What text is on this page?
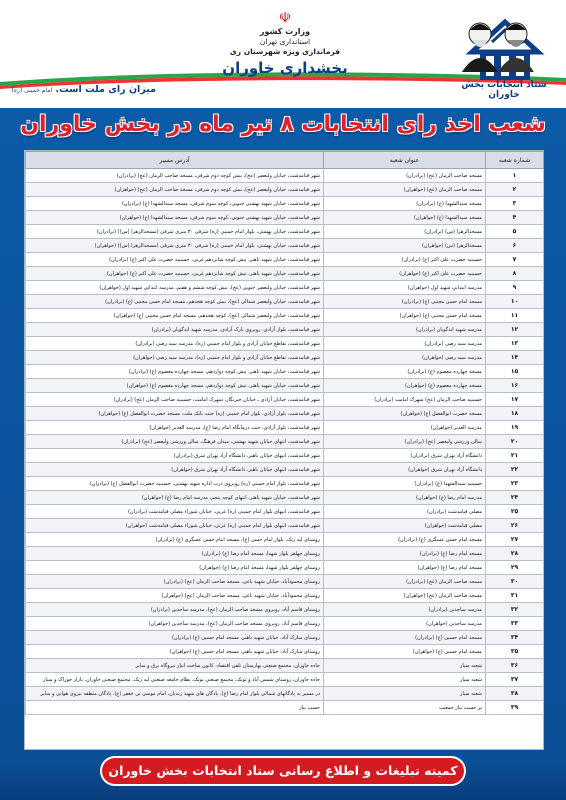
ستاد انتخابات بخش خاوران
☫
وزارت کشور
استانداری تهران
فرمانداری ویژه شهرستان ری
بخشداری خاوران
میزان رای ملت است. امام خمینی (ره)
شعب اخذ رای انتخابات ۸ تیر ماه در بخش خاوران
شماره شعبه	عنوان شعبه	آدرس مسیر
۱	مسجد صاحب الزمان (عج) (برادران)	شهر قیامدشت، خیابان ولیعصر (عج)، نبش کوچه دوم شرقی، مسجد صاحب الزمان (عج) (برادران)
۲	مسجد صاحب الزمان (عج) (خواهران)	شهر قیامدشت، خیابان ولیعصر (عج)، نبش کوچه دوم شرقی، مسجد صاحب الزمان (عج) (خواهران)
۳	مسجد سیدالشهدا (ع) (برادران)	شهر قیامدشت، خیابان شهید بهشتی جنوبی، کوچه سوم شرقی، مسجد سیدالشهدا (ع) (برادران)
۴	مسجد سیدالشهدا (ع) (خواهران)	شهر قیامدشت، خیابان شهید بهشتی جنوبی، کوچه سوم شرقی، مسجد سیدالشهدا (ع) (خواهران)
۵	مسجدالزهرا (س) (برادران)	شهر قیامدشت، خیابان بهشتی، بلوار امام خمینی (ره) شرقی ۳۰ متری شرقی (مسجدالزهرا (س)) (برادران)
۶	مسجدالزهرا (س) (خواهران)	شهر قیامدشت، خیابان بهشتی، بلوار امام خمینی (ره) شرقی ۳۰ متری شرقی (مسجدالزهرا (س)) (خواهران)
۷	حسینیه حضرت علی اکبر (ع) (برادران)	شهر قیامدشت، خیابان شهید باهنر، نبش کوچه شانزدهم غربی، حسینیه حضرت علی اکبر (ع) (برادران)
۸	حسینیه حضرت علی اکبر (ع) (خواهران)	شهر قیامدشت، خیابان شهید باهنر، نبش کوچه شانزدهم غربی، حسینیه حضرت علی اکبر (ع) (خواهران)
۹	مدرسه ابتدایی شهید اول (خواهران)	شهر قیامدشت، خیابان ولیعصر جنوبی (عج)، نبش کوچه ششم و هفتم، مدرسه ابتدایی شهید اول (خواهران)
۱۰	مسجد امام حسن مجتبی (ع) (برادران)	شهر قیامدشت، خیابان ولیعصر شمالی (عج)، نبش کوچه هجدهم، مسجد امام حسن مجتبی (ع) (برادران)
۱۱	مسجد امام حسن مجتبی (ع) (خواهران)	شهر قیامدشت، خیابان ولیعصر شمالی (عج)، کوچه هجدهم، مسجد امام حسن مجتبی (ع) (خواهران)
۱۲	مدرسه شهید اندگویان (برادران)	شهر قیامدشت، بلوار آزادی، روبروی پارک آزادی، مدرسه شهید اندگویان (برادران)
۱۳	مدرسه سید رضی (برادران)	شهر قیامدشت، تقاطع خیابان آزادی و بلوار امام خمینی (ره)، مدرسه سید رضی (برادران)
۱۴	مدرسه سید رضی (خواهران)	شهر قیامدشت، تقاطع خیابان آزادی و بلوار امام خمینی (ره)، مدرسه سید رضی (خواهران)
۱۵	مسجد چهارده معصوم (ع) (برادران)	شهر قیامدشت، خیابان شهید باهنر، نبش کوچه دوازدهم، مسجد چهارده معصوم (ع) (برادران)
۱۶	مسجد چهارده معصوم (ع) (خواهران)	شهر قیامدشت، خیابان شهید باهنر، نبش کوچه دوازدهم، مسجد چهارده معصوم (ع) (خواهران)
۱۷	حسینیه صاحب الزمان (عج) شهرک امامت (برادران)	شهر قیامدشت، خیابان آزادی ـ خیابان خیرنگار، شهرک امامت، حسینیه صاحب الزمان (عج) (برادران)
۱۸	مسجد حضرت ابوالفضل (ع) (خواهران)	شهر قیامدشت، بلوار آزادی، بلوار امام خمینی (ره) جنب بانک ملت، مسجد حضرت ابوالفضل (ع) (خواهران)
۱۹	مدرسه الغدیر (خواهران)	شهر قیامدشت، بلوار آزادی، جنب درمانگاه امام رضا (ع)، مدرسه الغدیر (خواهران)
۲۰	سالن ورزشی ولیعصر (عج) (برادران)	شهر قیامدشت، انتهای خیابان شهید بهشتی، میدان فرهنگ، سالن ورزشی ولیعصر (عج) (برادران)
۲۱	دانشگاه آزاد تهران شرق (برادران)	شهر قیامدشت، انتهای خیابان باهنر، دانشگاه آزاد تهران شرق (برادران)
۲۲	دانشگاه آزاد تهران شرق (خواهران)	شهر قیامدشت، انتهای خیابان باهنر، دانشگاه آزاد تهران شرق (خواهران)
۲۳	حسینیه سیدالشهدا (ع) (برادران)	شهر قیامدشت، بلوار امام خمینی (ره) روبروی درب اداره شهید بهشتی، حسینیه حضرت ابوالفضل (ع) (برادران)
۲۴	مدرسه امام رضا (ع) (خواهران)	شهر قیامدشت، خیابان شهید باهنر، انتهای کوچه پنجم، مدرسه امام رضا (ع) (خواهران)
۲۵	مصلی قیامدشت (برادران)	شهر قیامدشت، انتهای بلوار امام خمینی (ره) غربی، خیابان شوراء مصلی قیامدشت (برادران)
۲۶	مصلی قیامدشت (خواهران)	شهر قیامدشت، انتهای بلوار امام خمینی (ره) غربی، خیابان شوراء مصلی قیامدشت (خواهران)
۲۷	مسجد امام حسن عسگری (ع) (برادران)	روستای لپه زنک، بلوار امام حسن (ع)، مسجد امام حسن عسگری (ع) (برادران)
۲۸	مسجد امام رضا (ع) (برادران)	روستای چهلقز بلوار شهدا، مسجد امام رضا (ع) (برادران)
۲۹	مسجد امام رضا (ع) (خواهران)	روستای چهلقز بلوار شهدا، مسجد امام رضا (ع) (خواهران)
۳۰	مسجد صاحب الزمان (عج) (برادران)	روستای محمودآباد، خیابان شهید باغی، مسجد صاحب الزمان (عج) (برادران)
۳۱	مسجد صاحب الزمان (عج) (خواهران)	روستای محمودآباد، خیابان شهید باغی، مسجد صاحب الزمان (عج) (خواهران)
۳۲	مدرسه ساجدین (برادران)	روستای قاسم آباد، روبروی مسجد صاحب الزمان (عج)، مدرسه ساجدین (برادران)
۳۳	مدرسه ساجدین (خواهران)	روستای قاسم آباد، روبروی مسجد صاحب الزمان (عج)، مدرسه ساجدین (خواهران)
۳۴	مسجد امام حسین (ع) (برادران)	روستای مبارک آباد، خیابان شهید باهنر، مسجد امام حسین (ع) (برادران)
۳۵	مسجد امام حسین (ع) (خواهران)	روستای مبارک آباد، خیابان شهید باهنر، مسجد امام حسین (ع) (خواهران)
۳۶	شعبه سیار	جاده خاوران، مجتمع صنعتی بهارستان تلفن اقتصاد، کانون ساخت انبار نیروگاه برق و سایر
۳۷	شعبه سیار	جاده خاوران، روستای شمس آباد و توتک، مجتمع صنعتی توتک، نظام جامعه صنعتی لپه زنک، مجتمع صنعتی خاوران، بازار خوراک و سیار
۳۸	شعبه سیار	در مسیر به پادگانهای شمالی بلوار امام رضا (ع)، پادگان های شهید زندیان، امام موسی بن جعفر (ع)، پادگان منطقه نیروی هوایی و سایر
۳۹	بر حسب نیاز جمعیت	حسب نیاز
کمیته تبلیغات و اطلاع رسانی ستاد انتخابات بخش خاوران
